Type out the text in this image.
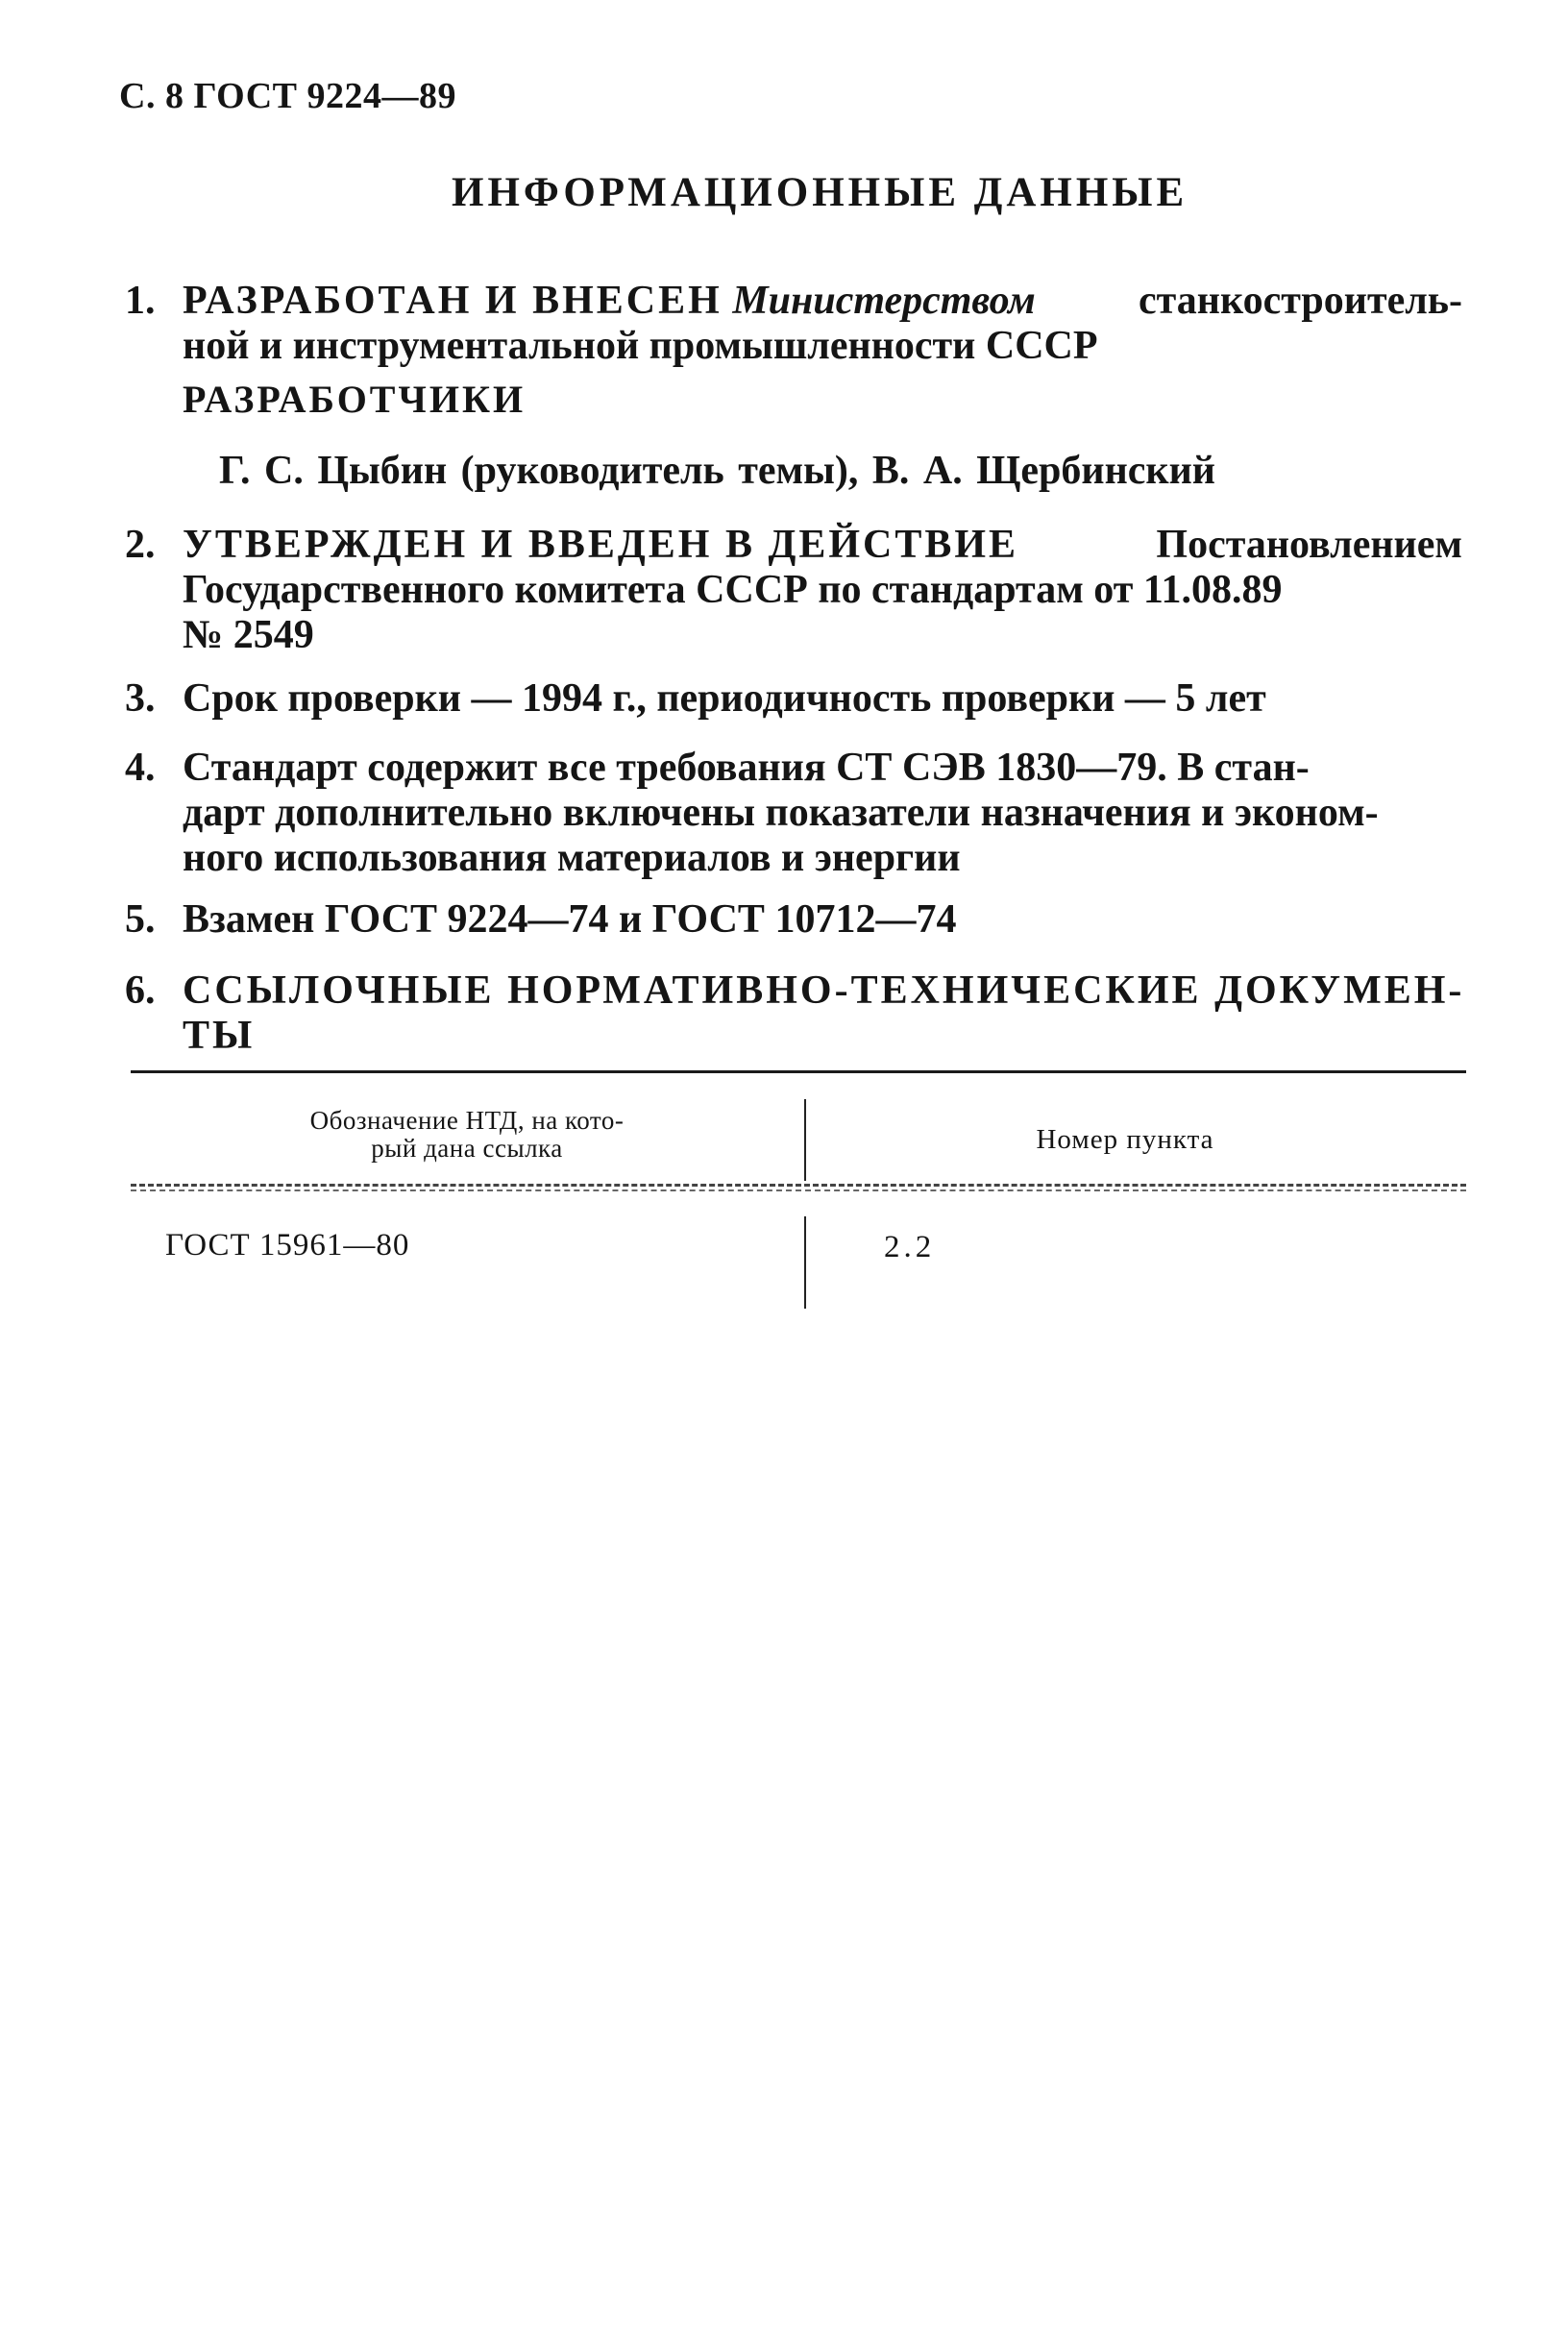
С. 8 ГОСТ 9224—89
ИНФОРМАЦИОННЫЕ ДАННЫЕ
1. РАЗРАБОТАН И ВНЕСЕН Министерством	станкостроитель-
ной и инструментальной промышленности СССР
РАЗРАБОТЧИКИ
Г. С. Цыбин (руководитель темы), В. А. Щербинский
2. УТВЕРЖДЕН И ВВЕДЕН В ДЕЙСТВИЕ	Постановлением
Государственного комитета СССР по стандартам от 11.08.89
№ 2549
3. Срок проверки — 1994 г., периодичность проверки — 5 лет
4. Стандарт содержит все требования СТ СЭВ 1830—79. В стан-
дарт дополнительно включены показатели назначения и эконом-
ного использования материалов и энергии
5. Взамен ГОСТ 9224—74 и ГОСТ 10712—74
6. ССЫЛОЧНЫЕ НОРМАТИВНО-ТЕХНИЧЕСКИЕ ДОКУМЕН-
ТЫ
Обозначение НТД, на кото-
рый дана ссылка	Номер пункта
ГОСТ 15961—80	2.2
